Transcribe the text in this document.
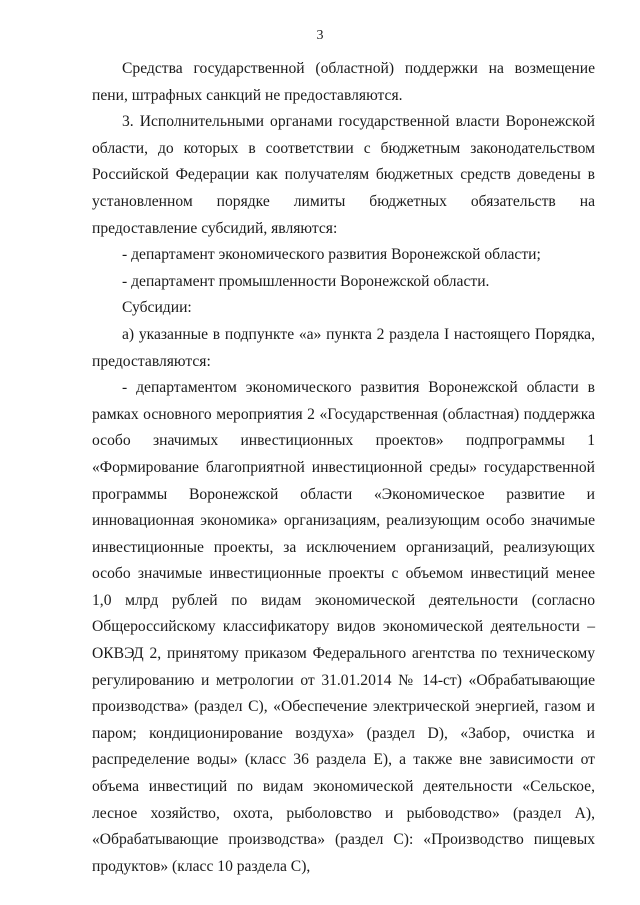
3

Средства государственной (областной) поддержки на возмещение пени, штрафных санкций не предоставляются.

3. Исполнительными органами государственной власти Воронежской области, до которых в соответствии с бюджетным законодательством Российской Федерации как получателям бюджетных средств доведены в установленном порядке лимиты бюджетных обязательств на предоставление субсидий, являются:

- департамент экономического развития Воронежской области;

- департамент промышленности Воронежской области.

Субсидии:

а) указанные в подпункте «а» пункта 2 раздела I настоящего Порядка, предоставляются:

- департаментом экономического развития Воронежской области в рамках основного мероприятия 2 «Государственная (областная) поддержка особо значимых инвестиционных проектов» подпрограммы 1 «Формирование благоприятной инвестиционной среды» государственной программы Воронежской области «Экономическое развитие и инновационная экономика» организациям, реализующим особо значимые инвестиционные проекты, за исключением организаций, реализующих особо значимые инвестиционные проекты с объемом инвестиций менее 1,0 млрд рублей по видам экономической деятельности (согласно Общероссийскому классификатору видов экономической деятельности – ОКВЭД 2, принятому приказом Федерального агентства по техническому регулированию и метрологии от 31.01.2014 № 14-ст) «Обрабатывающие производства» (раздел С), «Обеспечение электрической энергией, газом и паром; кондиционирование воздуха» (раздел D), «Забор, очистка и распределение воды» (класс 36 раздела Е), а также вне зависимости от объема инвестиций по видам экономической деятельности «Сельское, лесное хозяйство, охота, рыболовство и рыбоводство» (раздел А), «Обрабатывающие производства» (раздел С): «Производство пищевых продуктов» (класс 10 раздела С),
